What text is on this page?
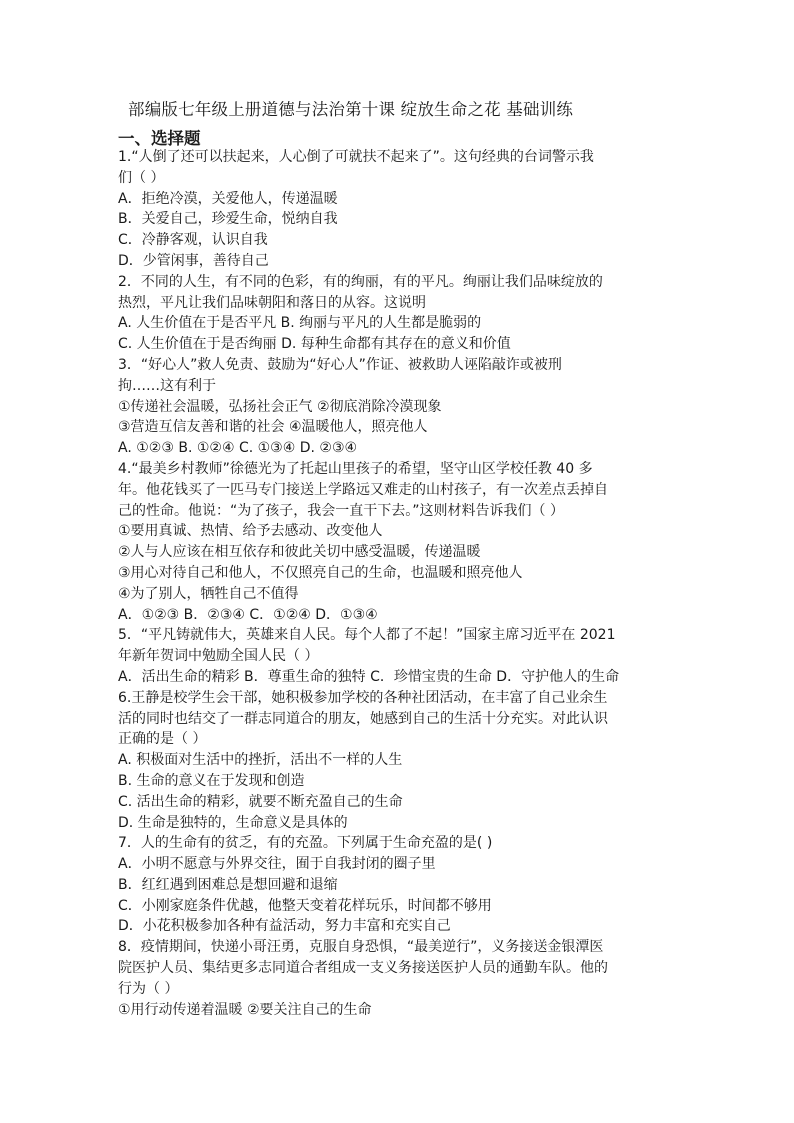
部编版七年级上册道德与法治第十课 绽放生命之花 基础训练
一、选择题
1.“人倒了还可以扶起来，人心倒了可就扶不起来了”。这句经典的台词警示我
们（ ）
A．拒绝冷漠，关爱他人，传递温暖
B．关爱自己，珍爱生命，悦纳自我
C．冷静客观，认识自我
D．少管闲事，善待自己
2．不同的人生，有不同的色彩，有的绚丽，有的平凡。绚丽让我们品味绽放的
热烈，平凡让我们品味朝阳和落日的从容。这说明
A. 人生价值在于是否平凡 B. 绚丽与平凡的人生都是脆弱的
C. 人生价值在于是否绚丽 D. 每种生命都有其存在的意义和价值
3．“好心人”救人免责、鼓励为“好心人”作证、被救助人诬陷敲诈或被刑
拘……这有利于
①传递社会温暖，弘扬社会正气 ②彻底消除冷漠现象
③营造互信友善和谐的社会 ④温暖他人，照亮他人
A. ①②③ B. ①②④ C. ①③④ D. ②③④
4.“最美乡村教师”徐德光为了托起山里孩子的希望，坚守山区学校任教 40 多
年。他花钱买了一匹马专门接送上学路远又难走的山村孩子，有一次差点丢掉自
己的性命。他说：“为了孩子，我会一直干下去。”这则材料告诉我们（ ）
①要用真诚、热情、给予去感动、改变他人
②人与人应该在相互依存和彼此关切中感受温暖，传递温暖
③用心对待自己和他人，不仅照亮自己的生命，也温暖和照亮他人
④为了别人，牺牲自己不值得
A．①②③ B．②③④ C．①②④ D．①③④
5．“平凡铸就伟大，英雄来自人民。每个人都了不起！”国家主席习近平在 2021
年新年贺词中勉励全国人民（ ）
A．活出生命的精彩 B．尊重生命的独特 C．珍惜宝贵的生命 D．守护他人的生命
6.王静是校学生会干部，她积极参加学校的各种社团活动，在丰富了自己业余生
活的同时也结交了一群志同道合的朋友，她感到自己的生活十分充实。对此认识
正确的是（ ）
A. 积极面对生活中的挫折，活出不一样的人生
B. 生命的意义在于发现和创造
C. 活出生命的精彩，就要不断充盈自己的生命
D. 生命是独特的，生命意义是具体的
7．人的生命有的贫乏，有的充盈。下列属于生命充盈的是( )
A．小明不愿意与外界交往，囿于自我封闭的圈子里
B．红红遇到困难总是想回避和退缩
C．小刚家庭条件优越，他整天变着花样玩乐，时间都不够用
D．小花积极参加各种有益活动，努力丰富和充实自己
8．疫情期间，快递小哥汪勇，克服自身恐惧，“最美逆行”，义务接送金银潭医
院医护人员、集结更多志同道合者组成一支义务接送医护人员的通勤车队。他的
行为（ ）
①用行动传递着温暖 ②要关注自己的生命
